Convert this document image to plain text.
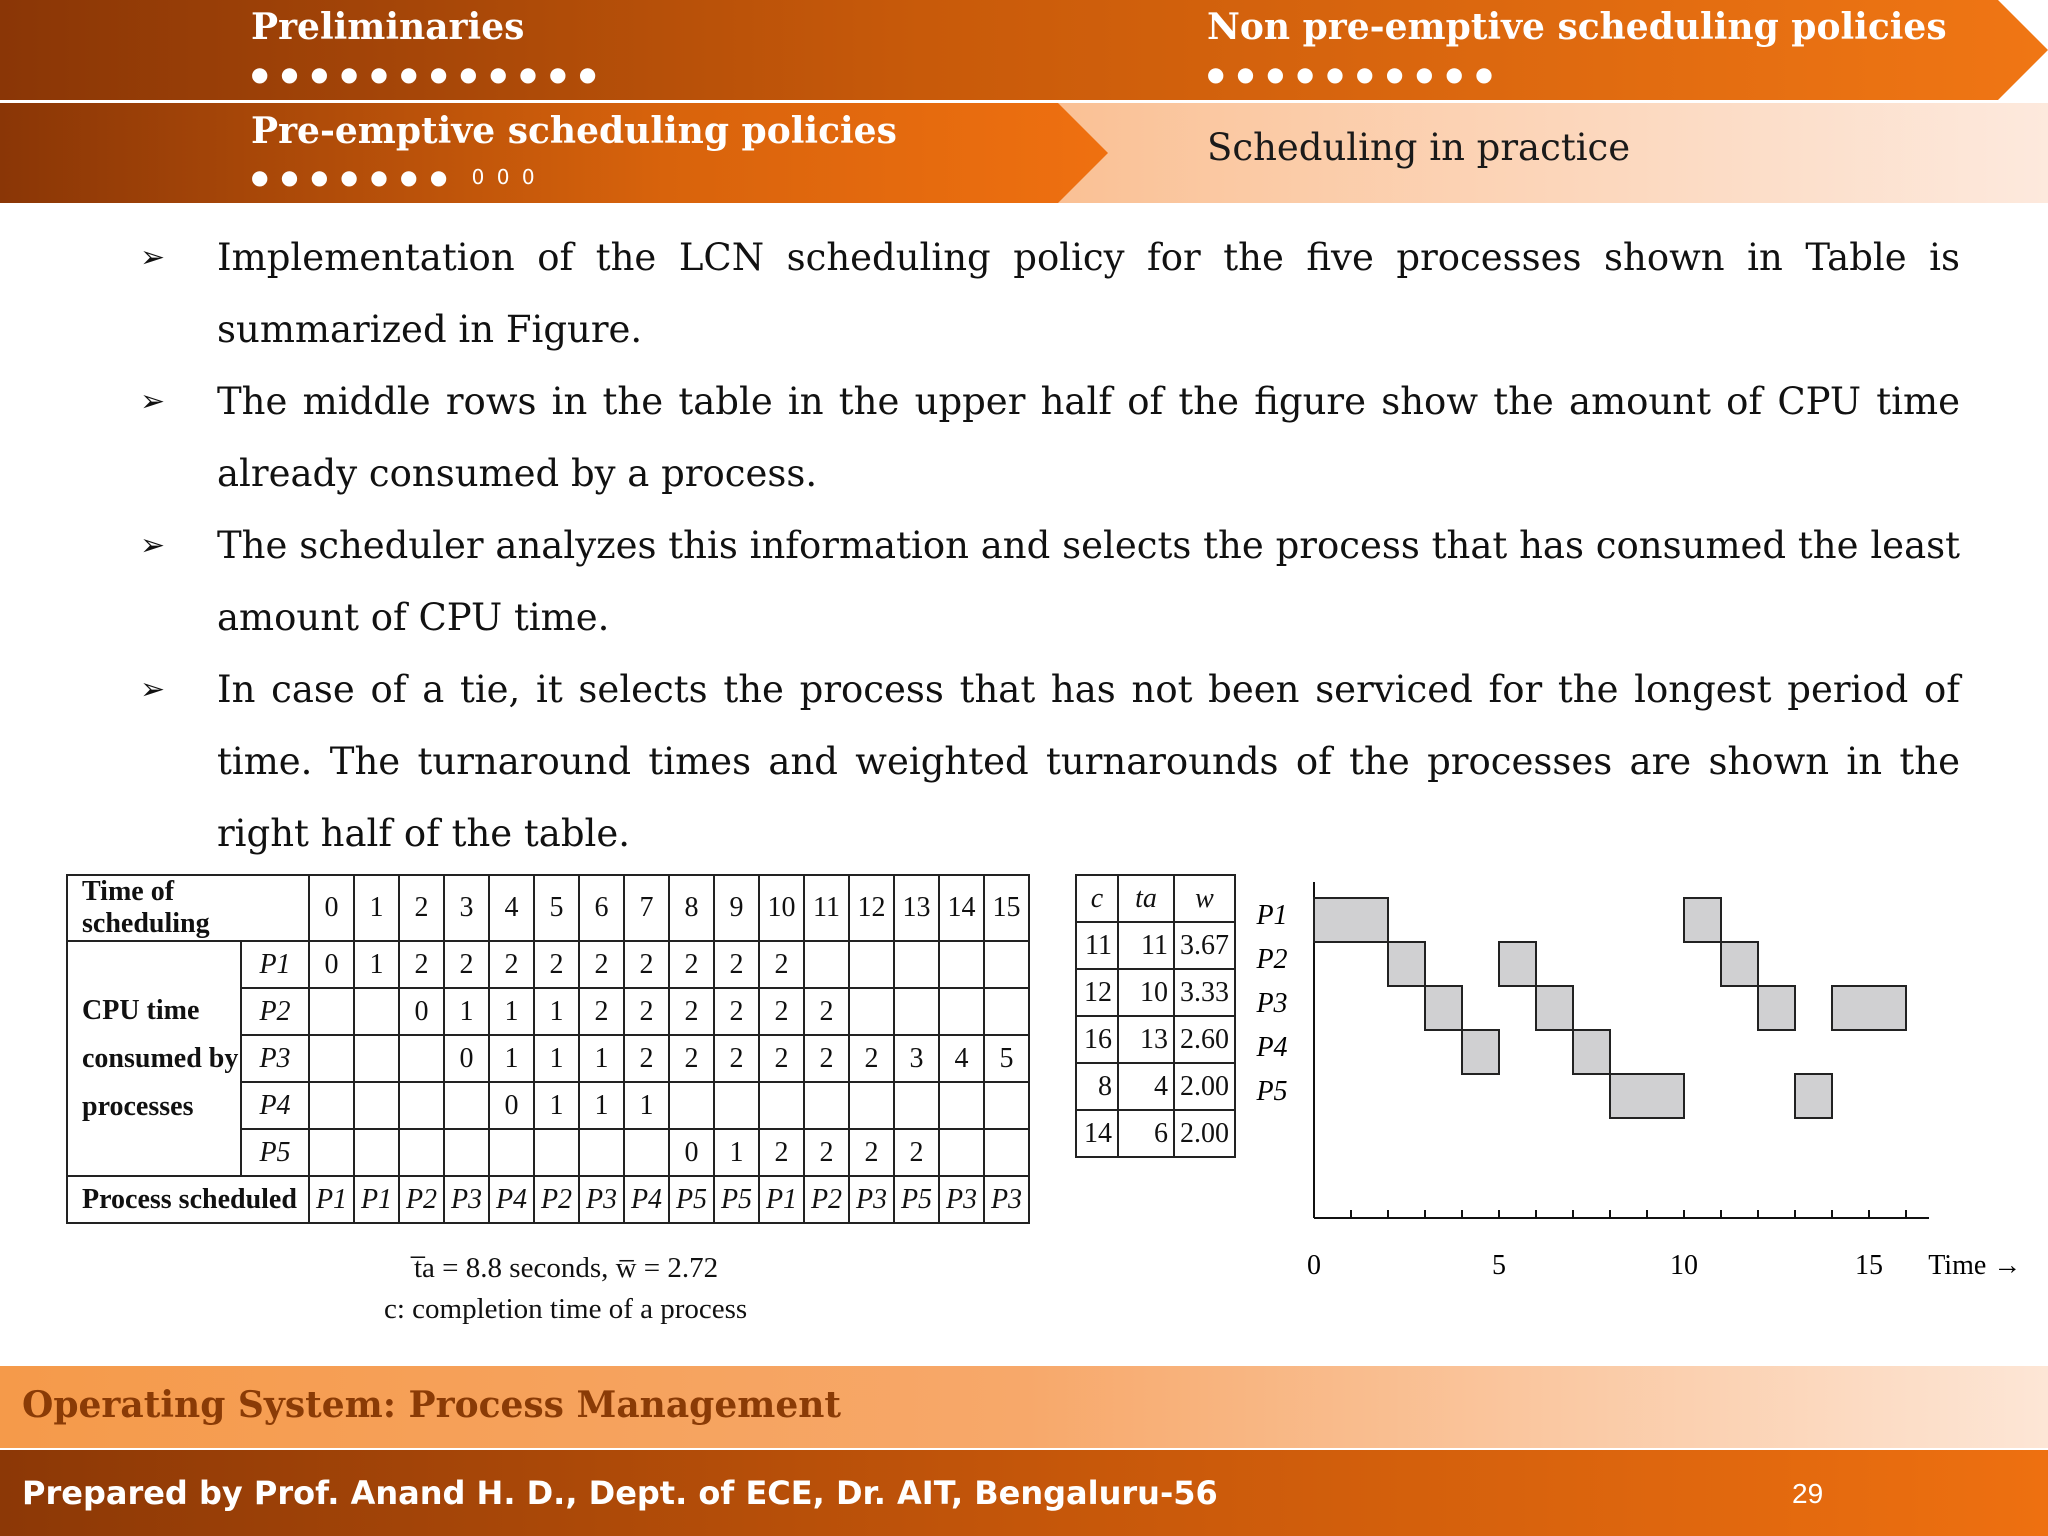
Preliminaries
● ● ● ● ● ● ● ● ● ● ● ●
Non pre-emptive scheduling policies
● ● ● ● ● ● ● ● ● ●
Pre-emptive scheduling policies
● ● ● ● ● ● ● 0 0 0
Scheduling in practice
➢ Implementation of the LCN scheduling policy for the five processes shown in Table is summarized in Figure.
➢ The middle rows in the table in the upper half of the figure show the amount of CPU time already consumed by a process.
➢ The scheduler analyzes this information and selects the process that has consumed the least amount of CPU time.
➢ In case of a tie, it selects the process that has not been serviced for the longest period of time. The turnaround times and weighted turnarounds of the processes are shown in the right half of the table.
Time of scheduling		0	1	2	3	4	5	6	7	8	9	10	11	12	13	14	15

CPU time
consumed by
processes	P1	0	1	2	2	2	2	2	2	2	2	2					
	P2			0	1	1	1	2	2	2	2	2	2				
	P3				0	1	1	1	2	2	2	2	2	2	3	4	5
	P4					0	1	1	1								
	P5									0	1	2	2	2	2		
Process scheduled		P1	P1	P2	P3	P4	P2	P3	P4	P5	P5	P1	P2	P3	P5	P3	P3
c	ta	w
11	11	3.67
12	10	3.33
16	13	2.60
8	4	2.00
14	6	2.00
t̅a = 8.8 seconds, w̅ = 2.72
c: completion time of a process
0	5	10	15 Time →
P1
P2
P3
P4
P5
Operating System: Process Management
Prepared by Prof. Anand H. D., Dept. of ECE, Dr. AIT, Bengaluru-56	29
